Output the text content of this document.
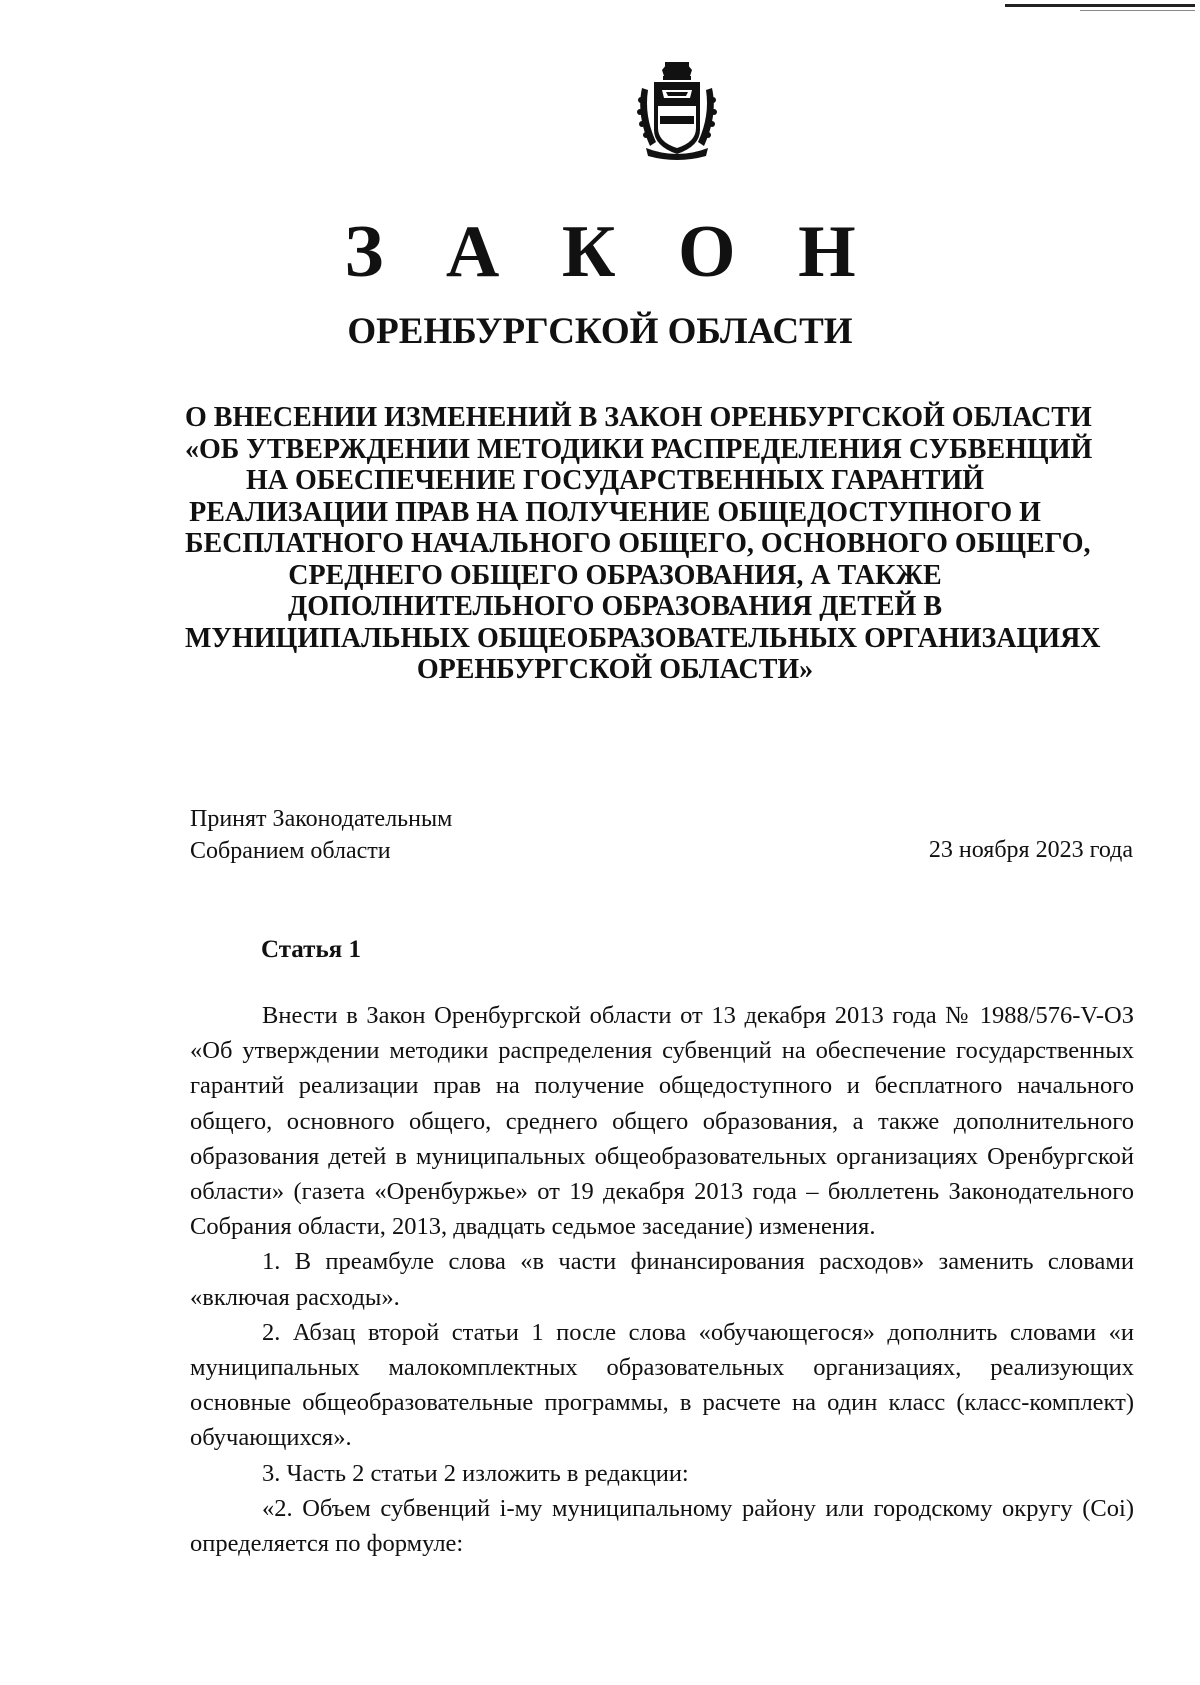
З А К О Н
ОРЕНБУРГСКОЙ ОБЛАСТИ
О ВНЕСЕНИИ ИЗМЕНЕНИЙ В ЗАКОН ОРЕНБУРГСКОЙ ОБЛАСТИ
«ОБ УТВЕРЖДЕНИИ МЕТОДИКИ РАСПРЕДЕЛЕНИЯ СУБВЕНЦИЙ
НА ОБЕСПЕЧЕНИЕ ГОСУДАРСТВЕННЫХ ГАРАНТИЙ
РЕАЛИЗАЦИИ ПРАВ НА ПОЛУЧЕНИЕ ОБЩЕДОСТУПНОГО И
БЕСПЛАТНОГО НАЧАЛЬНОГО ОБЩЕГО, ОСНОВНОГО ОБЩЕГО,
СРЕДНЕГО ОБЩЕГО ОБРАЗОВАНИЯ, А ТАКЖЕ
ДОПОЛНИТЕЛЬНОГО ОБРАЗОВАНИЯ ДЕТЕЙ В
МУНИЦИПАЛЬНЫХ ОБЩЕОБРАЗОВАТЕЛЬНЫХ ОРГАНИЗАЦИЯХ
ОРЕНБУРГСКОЙ ОБЛАСТИ»
Принят Законодательным
Собранием области	23 ноября 2023 года
Статья 1

Внести в Закон Оренбургской области от 13 декабря 2013 года № 1988/576-V-ОЗ «Об утверждении методики распределения субвенций на обеспечение государственных гарантий реализации прав на получение общедоступного и бесплатного начального общего, основного общего, среднего общего образования, а также дополнительного образования детей в муниципальных общеобразовательных организациях Оренбургской области» (газета «Оренбуржье» от 19 декабря 2013 года – бюллетень Законодательного Собрания области, 2013, двадцать седьмое заседание) изменения.

1. В преамбуле слова «в части финансирования расходов» заменить словами «включая расходы».

2. Абзац второй статьи 1 после слова «обучающегося» дополнить словами «и муниципальных малокомплектных образовательных организациях, реализующих основные общеобразовательные программы, в расчете на один класс (класс-комплект) обучающихся».

3. Часть 2 статьи 2 изложить в редакции:

«2. Объем субвенций i-му муниципальному району или городскому округу (Coi) определяется по формуле:
